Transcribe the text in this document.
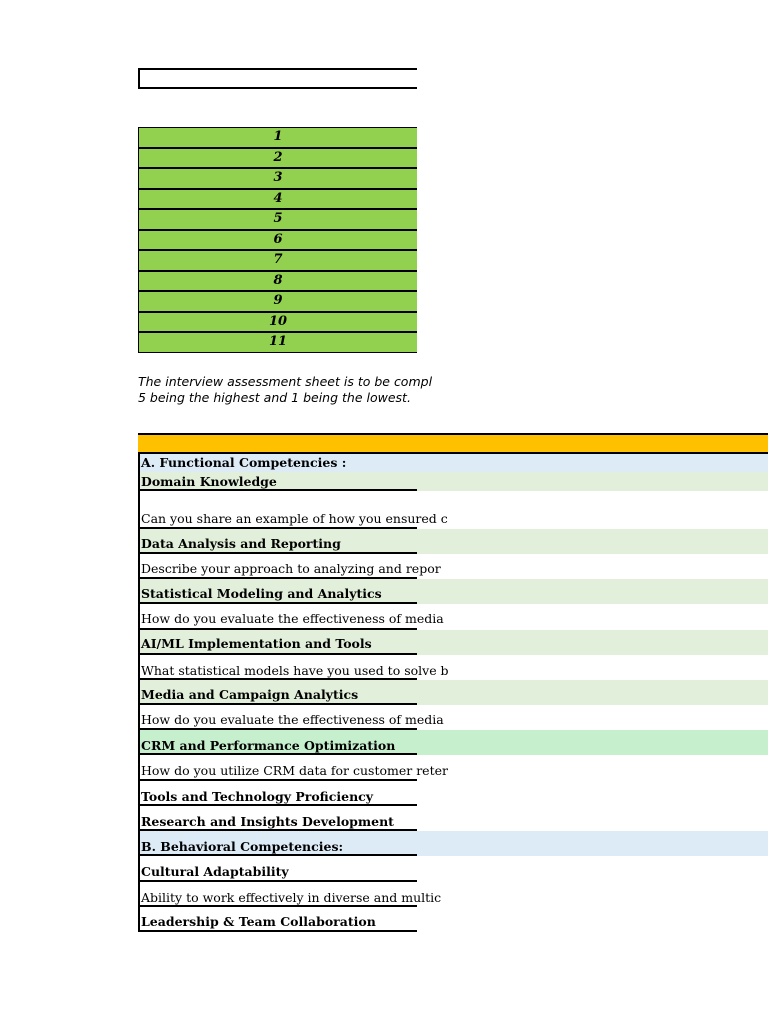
1
2
3
4
5
6
7
8
9
10
11
The interview assessment sheet is to be compl
5 being the highest and 1 being the lowest.
A. Functional Competencies :
Domain Knowledge
Can you share an example of how you ensured c
Data Analysis and Reporting
Describe your approach to analyzing and repor
Statistical Modeling and Analytics
How do you evaluate the effectiveness of media
AI/ML Implementation and Tools
What statistical models have you used to solve b
Media and Campaign Analytics
How do you evaluate the effectiveness of media
CRM and Performance Optimization
How do you utilize CRM data for customer reter
Tools and Technology Proficiency
Research and Insights Development
B. Behavioral Competencies:
Cultural Adaptability
Ability to work effectively in diverse and multic
Leadership & Team Collaboration
